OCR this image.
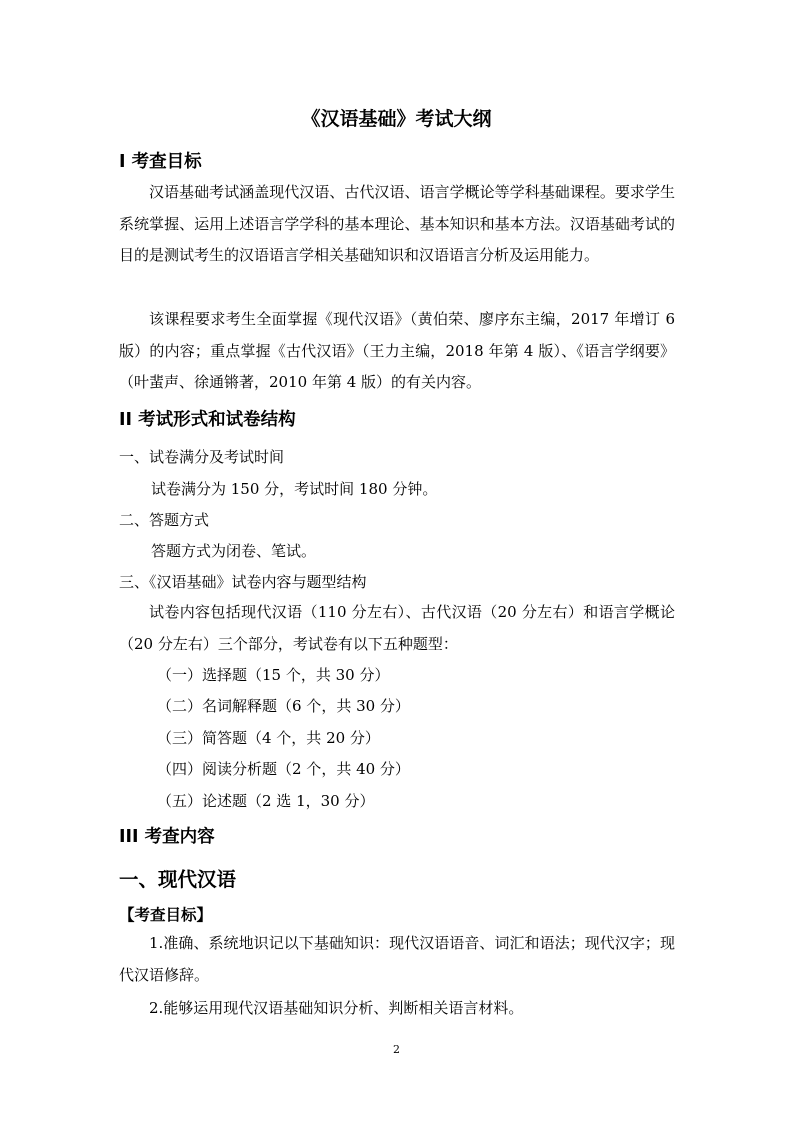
《汉语基础》考试大纲
I 考查目标
汉语基础考试涵盖现代汉语、古代汉语、语言学概论等学科基础课程。要求学生系统掌握、运用上述语言学学科的基本理论、基本知识和基本方法。汉语基础考试的目的是测试考生的汉语语言学相关基础知识和汉语语言分析及运用能力。
该课程要求考生全面掌握《现代汉语》（黄伯荣、廖序东主编，2017 年增订 6 版）的内容；重点掌握《古代汉语》（王力主编，2018 年第 4 版）、《语言学纲要》（叶蜚声、徐通锵著，2010 年第 4 版）的有关内容。
II 考试形式和试卷结构
一、试卷满分及考试时间
试卷满分为 150 分，考试时间 180 分钟。
二、答题方式
答题方式为闭卷、笔试。
三、《汉语基础》试卷内容与题型结构
试卷内容包括现代汉语（110 分左右）、古代汉语（20 分左右）和语言学概论（20 分左右）三个部分，考试卷有以下五种题型：
（一）选择题（15 个，共 30 分）
（二）名词解释题（6 个，共 30 分）
（三）简答题（4 个，共 20 分）
（四）阅读分析题（2 个，共 40 分）
（五）论述题（2 选 1，30 分）
III 考查内容
一、现代汉语
【考查目标】
1.准确、系统地识记以下基础知识：现代汉语语音、词汇和语法；现代汉字；现代汉语修辞。
2.能够运用现代汉语基础知识分析、判断相关语言材料。
2
